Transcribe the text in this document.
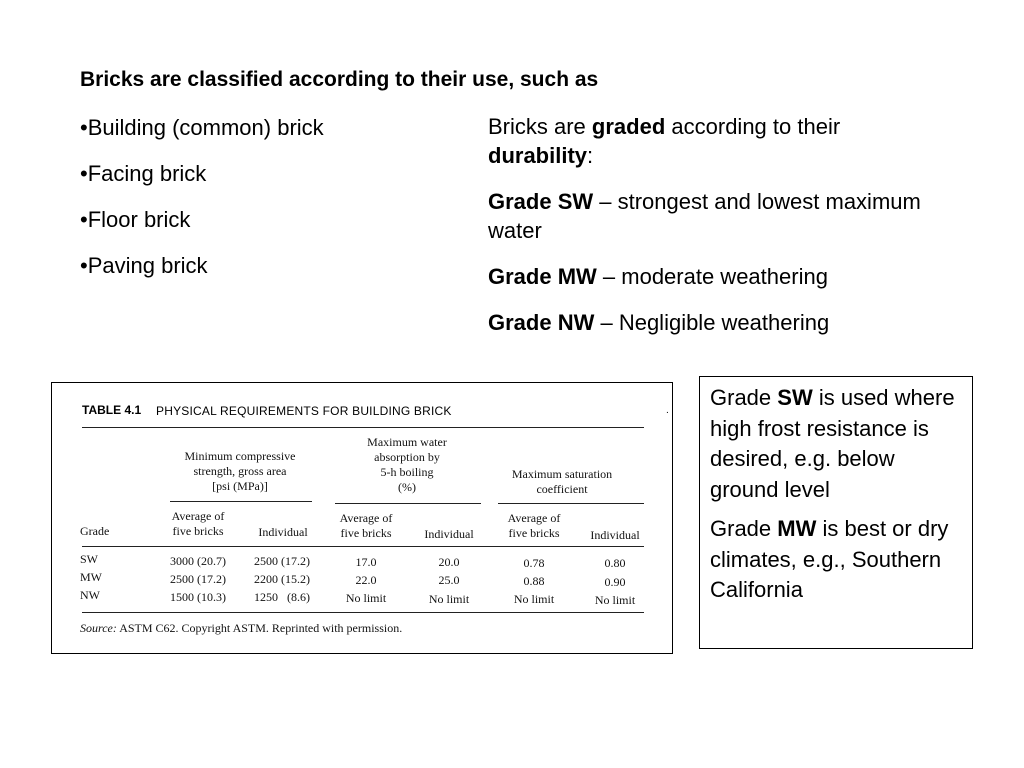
Bricks are classified according to their use, such as

•Building (common) brick
•Facing brick
•Floor brick
•Paving brick

Bricks are graded according to their durability:

Grade SW – strongest and lowest maximum water

Grade MW – moderate weathering

Grade NW – Negligible weathering

TABLE 4.1 PHYSICAL REQUIREMENTS FOR BUILDING BRICK	.
Minimum compressive
strength, gross area
[psi (MPa)]
Maximum water
absorption by
5-h boiling
(%)
Maximum saturation
coefficient
Grade
Average of
five bricks	Individual
Average of
five bricks	Individual
Average of
five bricks	Individual
SW	3000 (20.7)	2500 (17.2)	17.0	20.0	0.78	0.80
MW	2500 (17.2)	2200 (15.2)	22.0	25.0	0.88	0.90
NW	1500 (10.3)	1250   (8.6)	No limit	No limit	No limit	No limit
Source: ASTM C62. Copyright ASTM. Reprinted with permission.

Grade SW is used where high frost resistance is desired, e.g. below ground level

Grade MW is best or dry climates, e.g., Southern California
